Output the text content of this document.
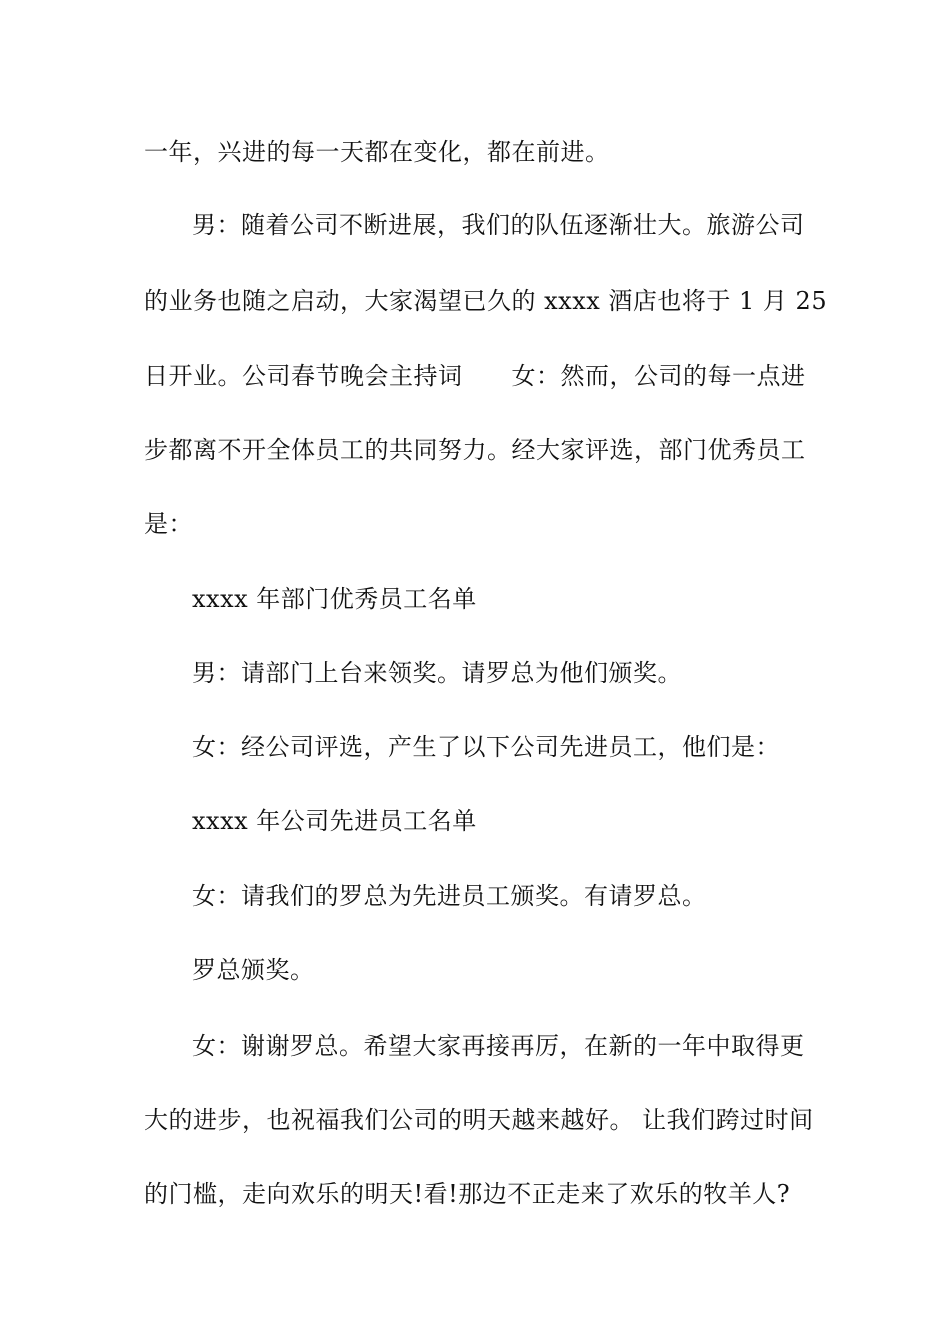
一年，兴进的每一天都在变化，都在前进。
男：随着公司不断进展，我们的队伍逐渐壮大。旅游公司
的业务也随之启动，大家渴望已久的 xxxx 酒店也将于 1 月 25
日开业。公司春节晚会主持词　　女：然而，公司的每一点进
步都离不开全体员工的共同努力。经大家评选，部门优秀员工
是：
xxxx 年部门优秀员工名单
男：请部门上台来领奖。请罗总为他们颁奖。
女：经公司评选，产生了以下公司先进员工，他们是：
xxxx 年公司先进员工名单
女：请我们的罗总为先进员工颁奖。有请罗总。
罗总颁奖。
女：谢谢罗总。希望大家再接再厉，在新的一年中取得更
大的进步，也祝福我们公司的明天越来越好。 让我们跨过时间
的门槛，走向欢乐的明天!看!那边不正走来了欢乐的牧羊人?
